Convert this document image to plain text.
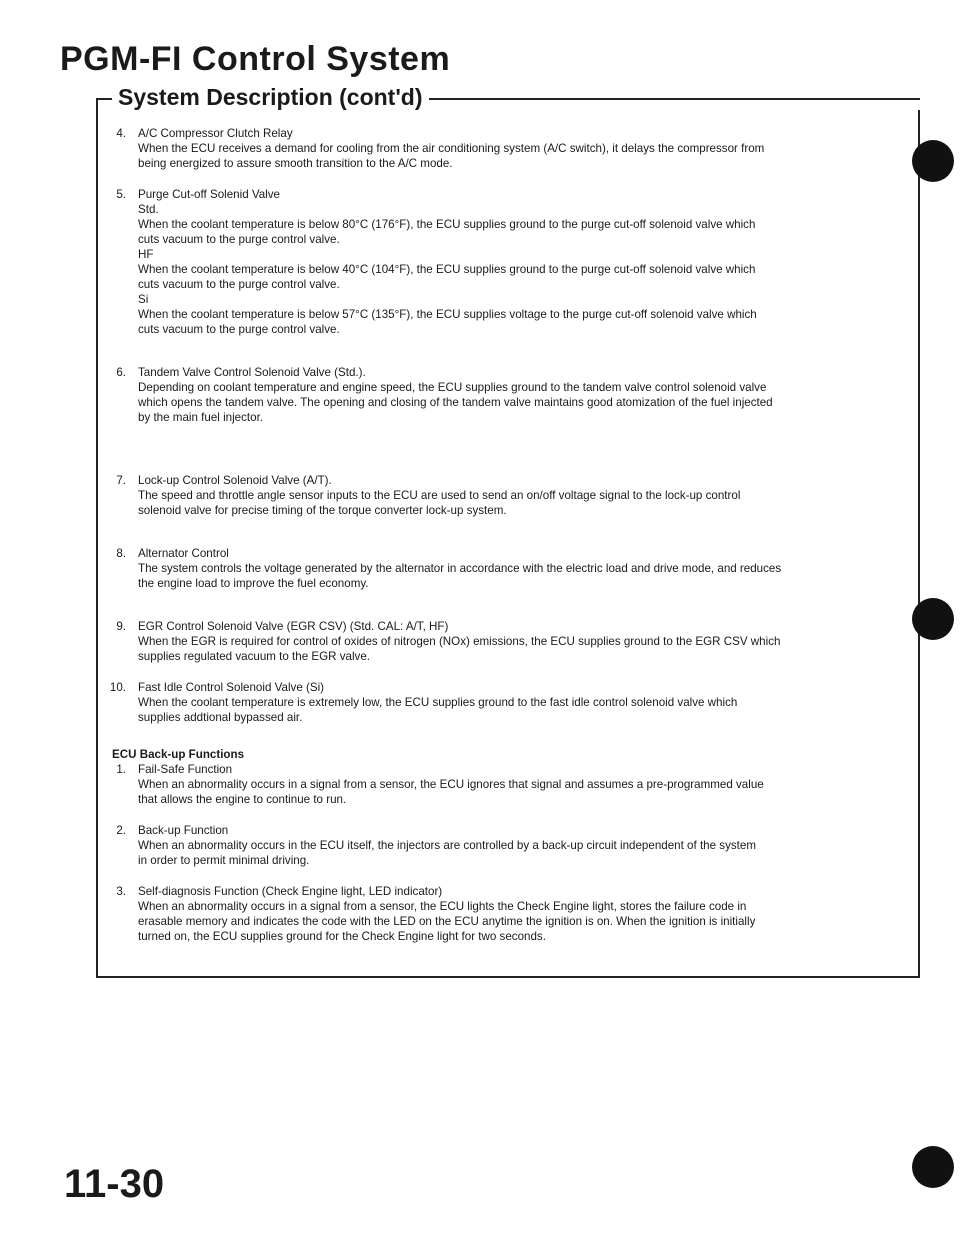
PGM-FI Control System
System Description (cont'd)
4.	A/C Compressor Clutch Relay
When the ECU receives a demand for cooling from the air conditioning system (A/C switch), it delays the compressor from
being energized to assure smooth transition to the A/C mode.
5.	Purge Cut-off Solenid Valve
Std.
When the coolant temperature is below 80°C (176°F), the ECU supplies ground to the purge cut-off solenoid valve which
cuts vacuum to the purge control valve.
HF
When the coolant temperature is below 40°C (104°F), the ECU supplies ground to the purge cut-off solenoid valve which
cuts vacuum to the purge control valve.
Si
When the coolant temperature is below 57°C (135°F), the ECU supplies voltage to the purge cut-off solenoid valve which
cuts vacuum to the purge control valve.
6.	Tandem Valve Control Solenoid Valve (Std.).
Depending on coolant temperature and engine speed, the ECU supplies ground to the tandem valve control solenoid valve
which opens the tandem valve. The opening and closing of the tandem valve maintains good atomization of the fuel injected
by the main fuel injector.
7.	Lock-up Control Solenoid Valve (A/T).
The speed and throttle angle sensor inputs to the ECU are used to send an on/off voltage signal to the lock-up control
solenoid valve for precise timing of the torque converter lock-up system.
8.	Alternator Control
The system controls the voltage generated by the alternator in accordance with the electric load and drive mode, and reduces
the engine load to improve the fuel economy.
9.	EGR Control Solenoid Valve (EGR CSV) (Std. CAL: A/T, HF)
When the EGR is required for control of oxides of nitrogen (NOx) emissions, the ECU supplies ground to the EGR CSV which
supplies regulated vacuum to the EGR valve.
10.	Fast Idle Control Solenoid Valve (Si)
When the coolant temperature is extremely low, the ECU supplies ground to the fast idle control solenoid valve which
supplies addtional bypassed air.
ECU Back-up Functions
1.	Fail-Safe Function
When an abnormality occurs in a signal from a sensor, the ECU ignores that signal and assumes a pre-programmed value
that allows the engine to continue to run.
2.	Back-up Function
When an abnormality occurs in the ECU itself, the injectors are controlled by a back-up circuit independent of the system
in order to permit minimal driving.
3.	Self-diagnosis Function (Check Engine light, LED indicator)
When an abnormality occurs in a signal from a sensor, the ECU lights the Check Engine light, stores the failure code in
erasable memory and indicates the code with the LED on the ECU anytime the ignition is on. When the ignition is initially
turned on, the ECU supplies ground for the Check Engine light for two seconds.
11-30
